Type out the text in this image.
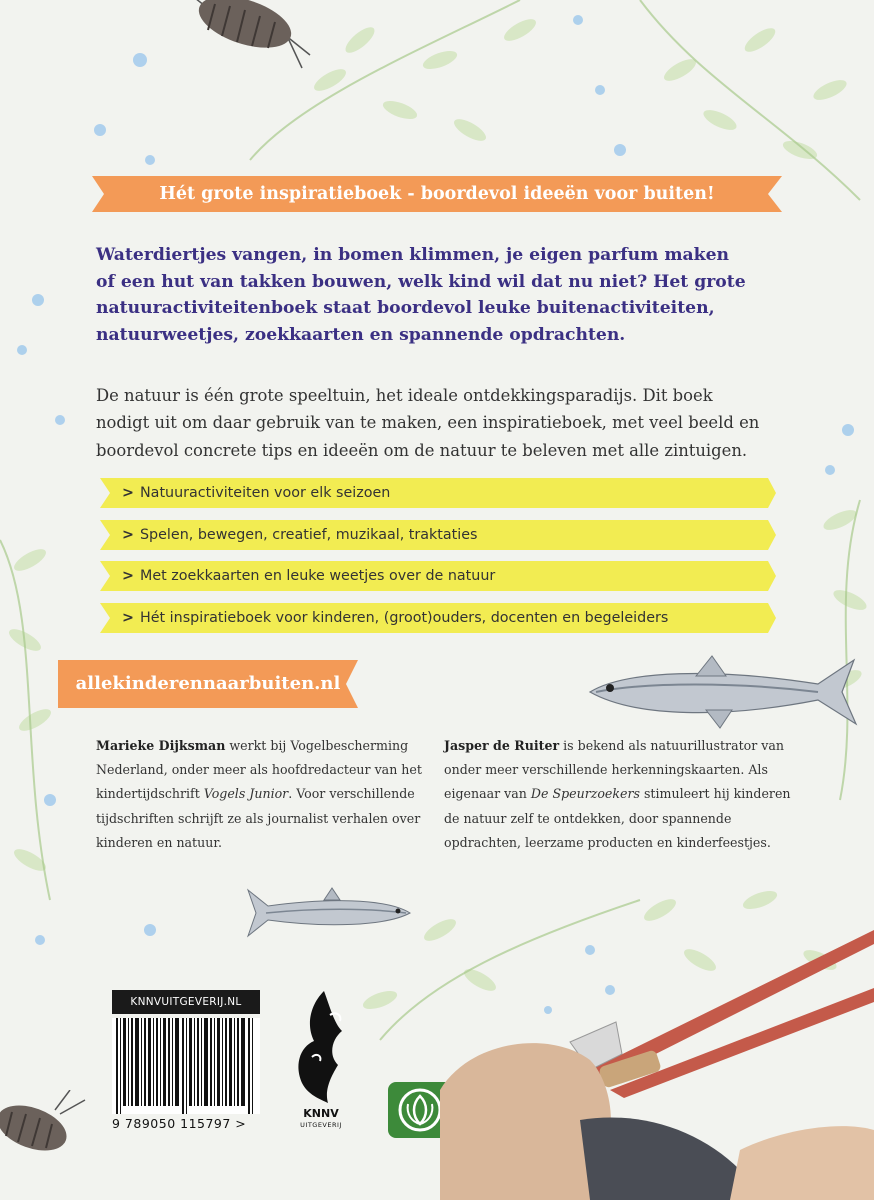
Hét grote inspiratieboek - boordevol ideeën voor buiten!

Waterdiertjes vangen, in bomen klimmen, je eigen parfum maken
of een hut van takken bouwen, welk kind wil dat nu niet? Het grote
natuuractiviteitenboek staat boordevol leuke buitenactiviteiten,
natuurweetjes, zoekkaarten en spannende opdrachten.

De natuur is één grote speeltuin, het ideale ontdekkingsparadijs. Dit boek
nodigt uit om daar gebruik van te maken, een inspiratieboek, met veel beeld en
boordevol concrete tips en ideeën om de natuur te beleven met alle zintuigen.

> Natuuractiviteiten voor elk seizoen
> Spelen, bewegen, creatief, muzikaal, traktaties
> Met zoekkaarten en leuke weetjes over de natuur
> Hét inspiratieboek voor kinderen, (groot)ouders, docenten en begeleiders
allekinderennaarbuiten.nl

Marieke Dijksman werkt bij Vogelbescherming
Nederland, onder meer als hoofdredacteur van het
kindertijdschrift Vogels Junior. Voor verschillende
tijdschriften schrijft ze als journalist verhalen over
kinderen en natuur.

Jasper de Ruiter is bekend als natuurillustrator van
onder meer verschillende herkenningskaarten. Als
eigenaar van De Speurzoekers stimuleert hij kinderen
de natuur zelf te ontdekken, door spannende
opdrachten, leerzame producten en kinderfeestjes.

KNNVUITGEVERIJ.NL
9 789050 115797 >
KNNV
UITGEVERIJ
